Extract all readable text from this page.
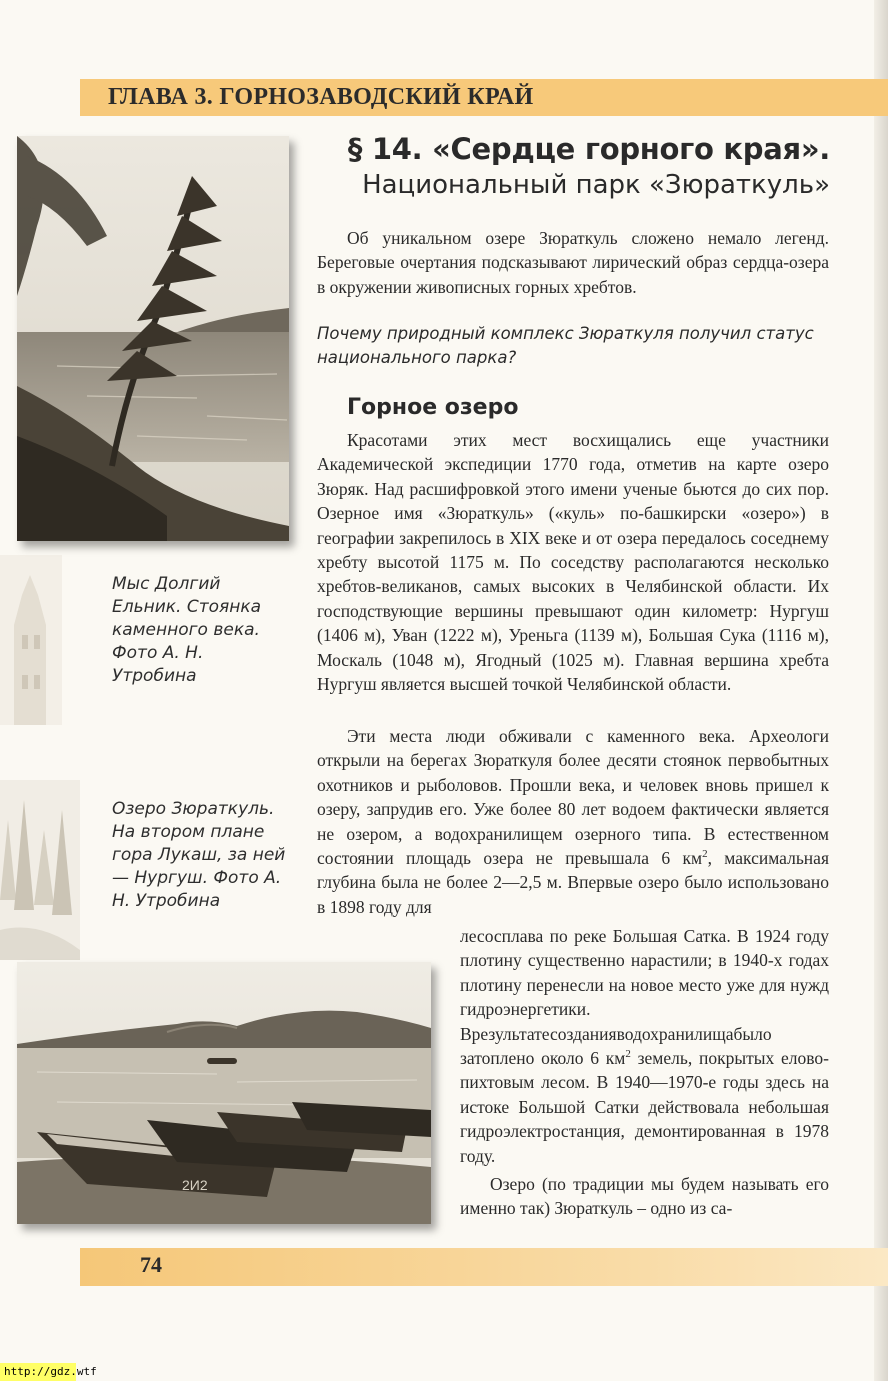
ГЛАВА 3. ГОРНОЗАВОДСКИЙ КРАЙ
Мыс Долгий Ельник. Стоянка каменного века. Фото А. Н. Утробина
Озеро Зюраткуль. На втором плане гора Лукаш, за ней — Нургуш. Фото А. Н. Утробина
2И2
§ 14. «Сердце горного края».
Национальный парк «Зюраткуль»

Об уникальном озере Зюраткуль сложено немало легенд. Береговые очертания подсказывают лирический образ сердца-озера в окружении живописных горных хребтов.

Почему природный комплекс Зюраткуля получил статус национального парка?
Горное озеро

Красотами этих мест восхищались еще участники Академической экспедиции 1770 года, отметив на карте озеро Зюряк. Над расшифровкой этого имени ученые бьются до сих пор. Озерное имя «Зюраткуль» («куль» по-башкирски «озеро») в географии закрепилось в XIX веке и от озера передалось соседнему хребту высотой 1175 м. По соседству располагаются несколько хребтов-великанов, самых высоких в Челябинской области. Их господствующие вершины превышают один километр: Нургуш (1406 м), Уван (1222 м), Уреньга (1139 м), Большая Сука (1116 м), Москаль (1048 м), Ягодный (1025 м). Главная вершина хребта Нургуш является высшей точкой Челябинской области.

Эти места люди обживали с каменного века. Археологи открыли на берегах Зюраткуля более десяти стоянок первобытных охотников и рыболовов. Прошли века, и человек вновь пришел к озеру, запрудив его. Уже более 80 лет водоем фактически является не озером, а водохранилищем озерного типа. В естественном состоянии площадь озера не превышала 6 $км^2$, максимальная глубина была не более 2—2,5 м. Впервые озеро было использовано в 1898 году для

лесосплава по реке Большая Сатка. В 1924 году плотину существенно нарастили; в 1940-х годах плотину перенесли на новое место уже для нужд гидроэнергетики. Врезультатесозданияводохранилищабыло затоплено около 6 $км^2$ земель, покрытых елово-пихтовым лесом. В 1940—1970-е годы здесь на истоке Большой Сатки действовала небольшая гидроэлектростанция, демонтированная в 1978 году.

Озеро (по традиции мы будем называть его именно так) Зюраткуль – одно из са-

74
http://gdz.wtf
